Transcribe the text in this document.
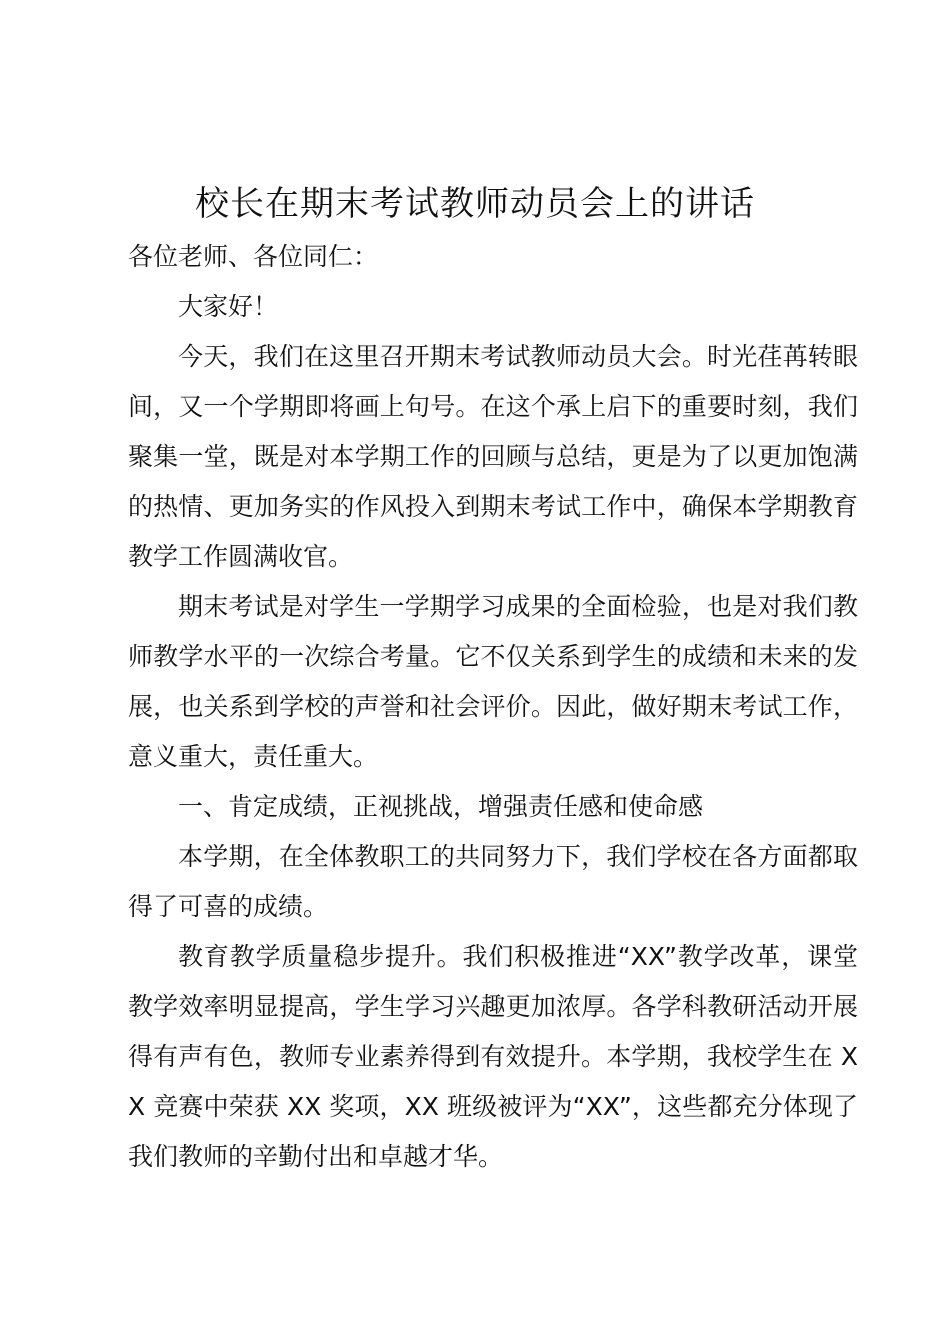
校长在期末考试教师动员会上的讲话

各位老师、各位同仁：

大家好！

今天，我们在这里召开期末考试教师动员大会。时光荏苒转眼间，又一个学期即将画上句号。在这个承上启下的重要时刻，我们聚集一堂，既是对本学期工作的回顾与总结，更是为了以更加饱满的热情、更加务实的作风投入到期末考试工作中，确保本学期教育教学工作圆满收官。

期末考试是对学生一学期学习成果的全面检验，也是对我们教师教学水平的一次综合考量。它不仅关系到学生的成绩和未来的发展，也关系到学校的声誉和社会评价。因此，做好期末考试工作，意义重大，责任重大。

一、肯定成绩，正视挑战，增强责任感和使命感

本学期，在全体教职工的共同努力下，我们学校在各方面都取得了可喜的成绩。

教育教学质量稳步提升。我们积极推进“XX”教学改革，课堂教学效率明显提高，学生学习兴趣更加浓厚。各学科教研活动开展得有声有色，教师专业素养得到有效提升。本学期，我校学生在 XX 竞赛中荣获 XX 奖项，XX 班级被评为“XX”，这些都充分体现了我们教师的辛勤付出和卓越才华。
